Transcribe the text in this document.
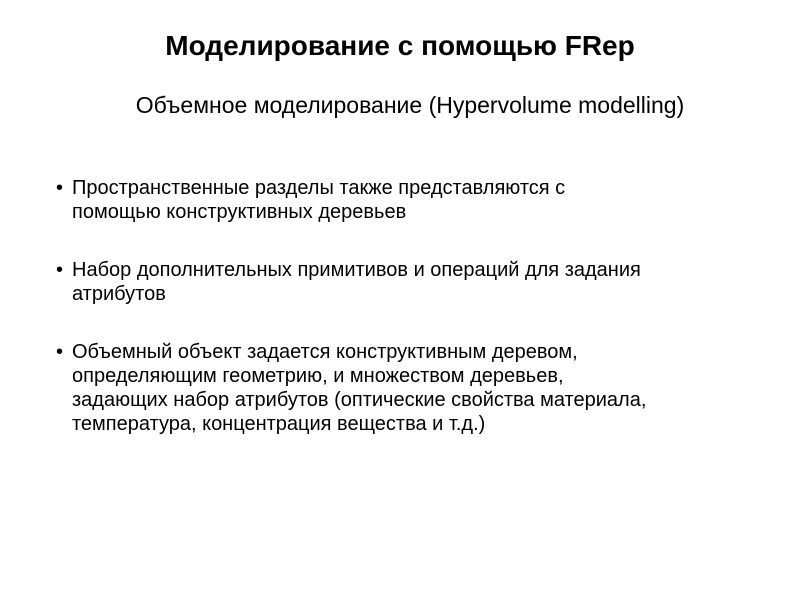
Моделирование с помощью FRep
Объемное моделирование (Hypervolume modelling)
• Пространственные разделы также представляются с
помощью конструктивных деревьев
• Набор дополнительных примитивов и операций для задания
атрибутов
• Объемный объект задается конструктивным деревом,
определяющим геометрию, и множеством деревьев,
задающих набор атрибутов (оптические свойства материала,
температура, концентрация вещества и т.д.)
